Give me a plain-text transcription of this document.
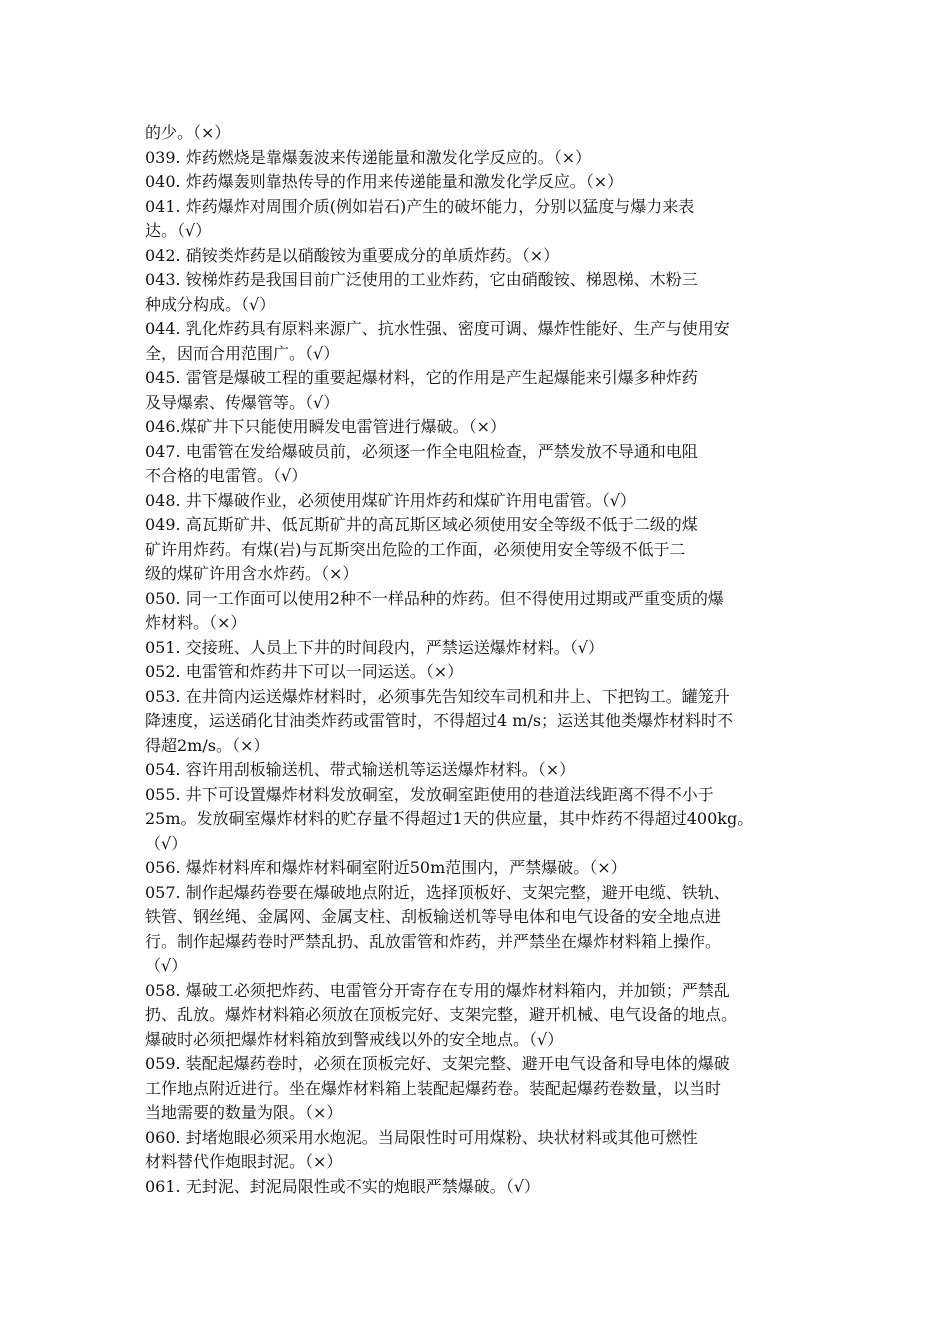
的少。（×）
039. 炸药燃烧是靠爆轰波来传递能量和激发化学反应的。（×）
040. 炸药爆轰则靠热传导的作用来传递能量和激发化学反应。（×）
041. 炸药爆炸对周围介质(例如岩石)产生的破坏能力，分别以猛度与爆力来表
达。（√）
042. 硝铵类炸药是以硝酸铵为重要成分的单质炸药。（×）
043. 铵梯炸药是我国目前广泛使用的工业炸药，它由硝酸铵、梯恩梯、木粉三
种成分构成。（√）
044. 乳化炸药具有原料来源广、抗水性强、密度可调、爆炸性能好、生产与使用安
全，因而合用范围广。（√）
045. 雷管是爆破工程的重要起爆材料，它的作用是产生起爆能来引爆多种炸药
及导爆索、传爆管等。（√）
046.煤矿井下只能使用瞬发电雷管进行爆破。（×）
047. 电雷管在发给爆破员前，必须逐一作全电阻检查，严禁发放不导通和电阻
不合格的电雷管。（√）
048. 井下爆破作业，必须使用煤矿许用炸药和煤矿许用电雷管。（√）
049. 高瓦斯矿井、低瓦斯矿井的高瓦斯区域必须使用安全等级不低于二级的煤
矿许用炸药。有煤(岩)与瓦斯突出危险的工作面，必须使用安全等级不低于二
级的煤矿许用含水炸药。（×）
050. 同一工作面可以使用2种不一样品种的炸药。但不得使用过期或严重变质的爆
炸材料。（×）
051. 交接班、人员上下井的时间段内，严禁运送爆炸材料。（√）
052. 电雷管和炸药井下可以一同运送。（×）
053. 在井筒内运送爆炸材料时，必须事先告知绞车司机和井上、下把钩工。罐笼升
降速度，运送硝化甘油类炸药或雷管时，不得超过4 m/s；运送其他类爆炸材料时不
得超2m/s。（×）
054. 容许用刮板输送机、带式输送机等运送爆炸材料。（×）
055. 井下可设置爆炸材料发放硐室，发放硐室距使用的巷道法线距离不得不小于
25m。发放硐室爆炸材料的贮存量不得超过1天的供应量，其中炸药不得超过400kg。
（√）
056. 爆炸材料库和爆炸材料硐室附近50m范围内，严禁爆破。（×）
057. 制作起爆药卷要在爆破地点附近，选择顶板好、支架完整，避开电缆、铁轨、
铁管、钢丝绳、金属网、金属支柱、刮板输送机等导电体和电气设备的安全地点进
行。制作起爆药卷时严禁乱扔、乱放雷管和炸药，并严禁坐在爆炸材料箱上操作。
（√）
058. 爆破工必须把炸药、电雷管分开寄存在专用的爆炸材料箱内，并加锁；严禁乱
扔、乱放。爆炸材料箱必须放在顶板完好、支架完整，避开机械、电气设备的地点。
爆破时必须把爆炸材料箱放到警戒线以外的安全地点。（√）
059. 装配起爆药卷时，必须在顶板完好、支架完整、避开电气设备和导电体的爆破
工作地点附近进行。坐在爆炸材料箱上装配起爆药卷。装配起爆药卷数量，以当时
当地需要的数量为限。（×）
060. 封堵炮眼必须采用水炮泥。当局限性时可用煤粉、块状材料或其他可燃性
材料替代作炮眼封泥。（×）
061. 无封泥、封泥局限性或不实的炮眼严禁爆破。（√）
